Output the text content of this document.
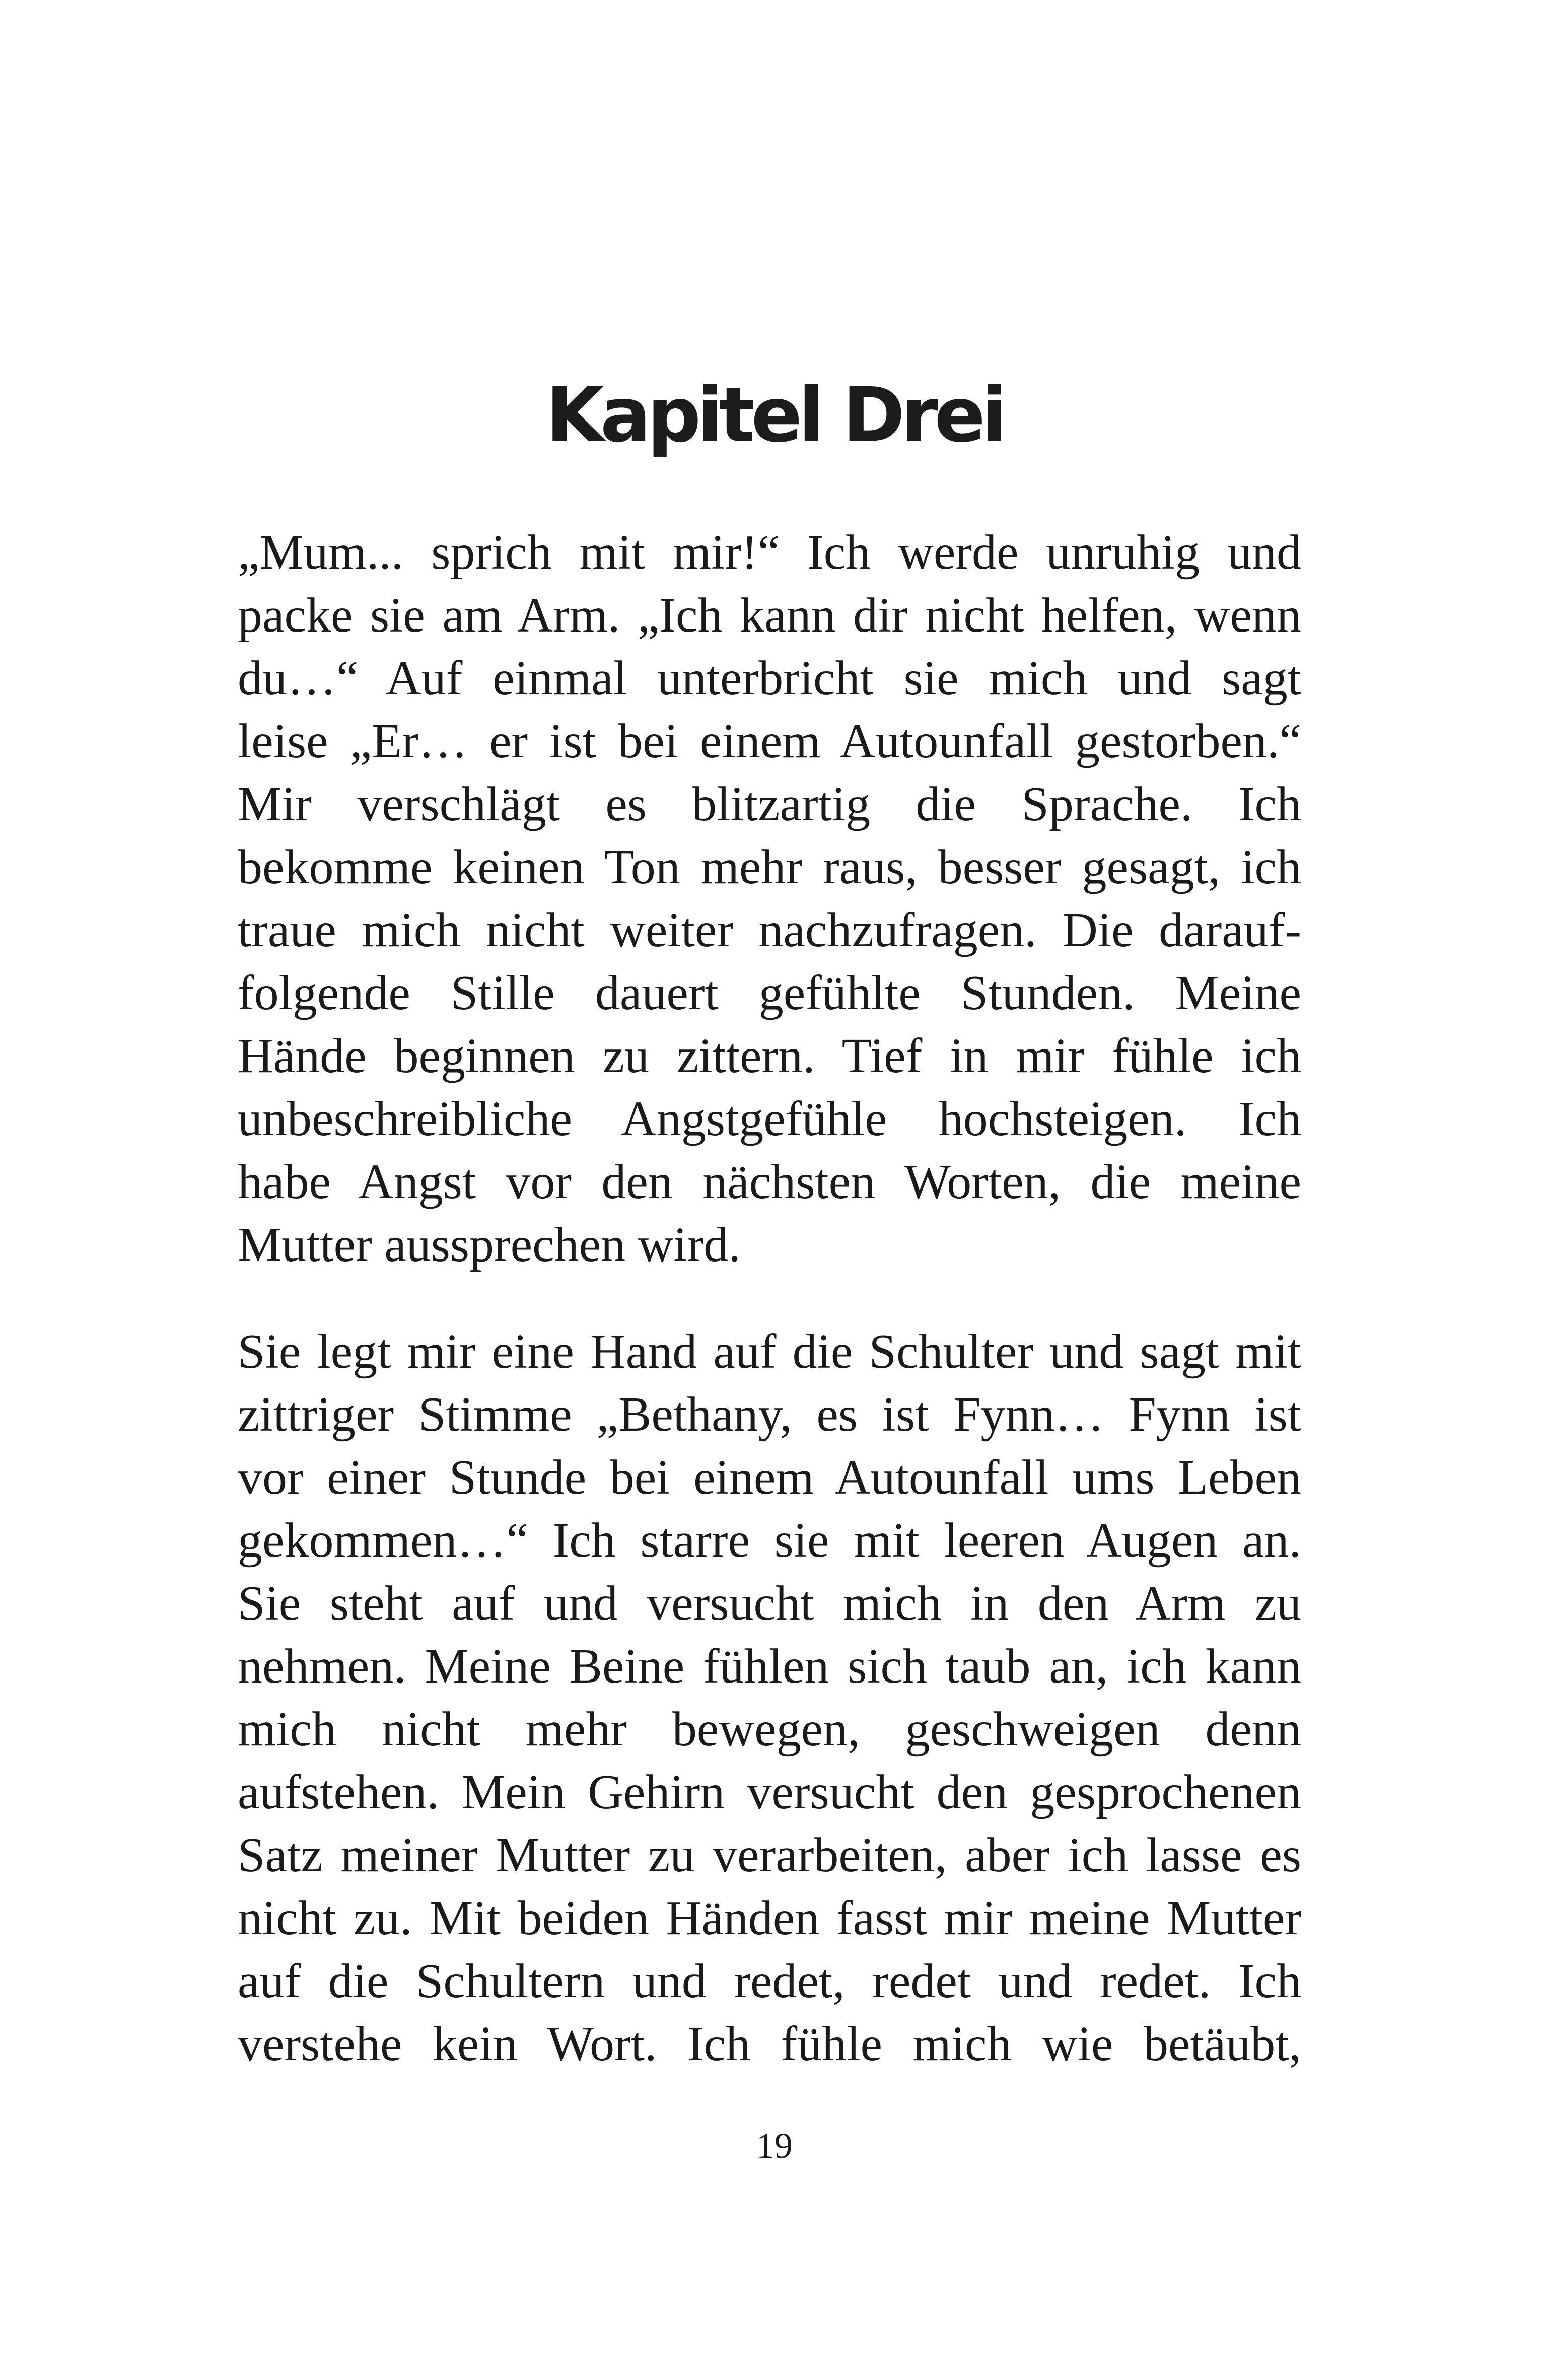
Kapitel Drei
„Mum... sprich mit mir!“ Ich werde unruhig und
packe sie am Arm. „Ich kann dir nicht helfen, wenn
du…“ Auf einmal unterbricht sie mich und sagt
leise „Er… er ist bei einem Autounfall gestorben.“
Mir verschlägt es blitzartig die Sprache. Ich
bekomme keinen Ton mehr raus, besser gesagt, ich
traue mich nicht weiter nachzufragen. Die darauf-
folgende Stille dauert gefühlte Stunden. Meine
Hände beginnen zu zittern. Tief in mir fühle ich
unbeschreibliche Angstgefühle hochsteigen. Ich
habe Angst vor den nächsten Worten, die meine
Mutter aussprechen wird.
Sie legt mir eine Hand auf die Schulter und sagt mit
zittriger Stimme „Bethany, es ist Fynn… Fynn ist
vor einer Stunde bei einem Autounfall ums Leben
gekommen…“ Ich starre sie mit leeren Augen an.
Sie steht auf und versucht mich in den Arm zu
nehmen. Meine Beine fühlen sich taub an, ich kann
mich nicht mehr bewegen, geschweigen denn
aufstehen. Mein Gehirn versucht den gesprochenen
Satz meiner Mutter zu verarbeiten, aber ich lasse es
nicht zu. Mit beiden Händen fasst mir meine Mutter
auf die Schultern und redet, redet und redet. Ich
verstehe kein Wort. Ich fühle mich wie betäubt,

19
